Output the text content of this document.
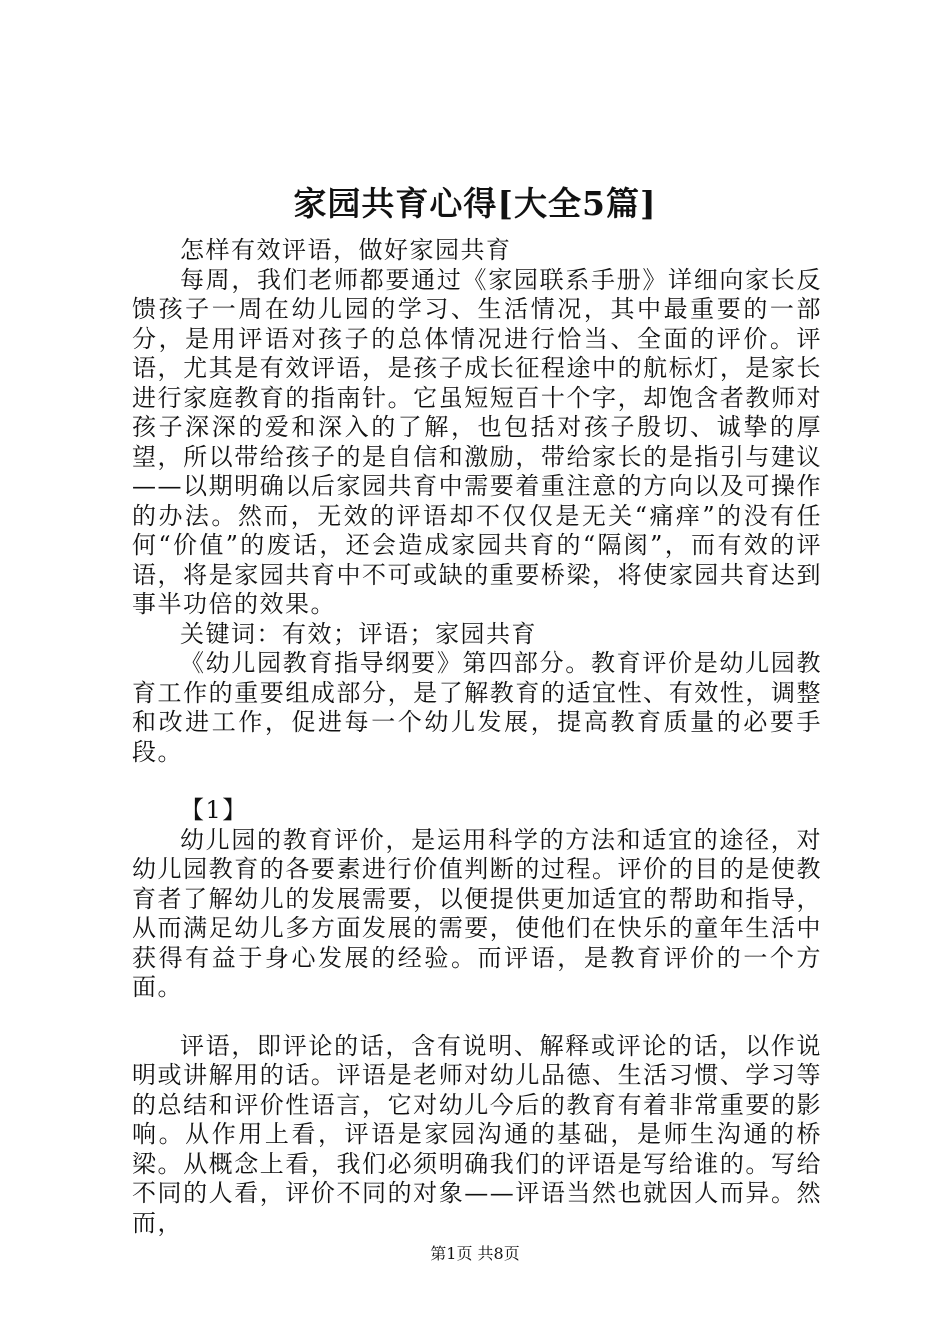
家园共育心得[大全5篇]

怎样有效评语，做好家园共育

每周，我们老师都要通过《家园联系手册》详细向家长反馈孩子一周在幼儿园的学习、生活情况，其中最重要的一部分，是用评语对孩子的总体情况进行恰当、全面的评价。评语，尤其是有效评语，是孩子成长征程途中的航标灯，是家长进行家庭教育的指南针。它虽短短百十个字，却饱含者教师对孩子深深的爱和深入的了解，也包括对孩子殷切、诚挚的厚望，所以带给孩子的是自信和激励，带给家长的是指引与建议——以期明确以后家园共育中需要着重注意的方向以及可操作的办法。然而，无效的评语却不仅仅是无关“痛痒”的没有任何“价值”的废话，还会造成家园共育的“隔阂”，而有效的评语，将是家园共育中不可或缺的重要桥梁，将使家园共育达到事半功倍的效果。

关键词：有效；评语；家园共育

《幼儿园教育指导纲要》第四部分。教育评价是幼儿园教育工作的重要组成部分，是了解教育的适宜性、有效性，调整和改进工作，促进每一个幼儿发展，提高教育质量的必要手段。

【1】

幼儿园的教育评价，是运用科学的方法和适宜的途径，对幼儿园教育的各要素进行价值判断的过程。评价的目的是使教育者了解幼儿的发展需要，以便提供更加适宜的帮助和指导，从而满足幼儿多方面发展的需要，使他们在快乐的童年生活中获得有益于身心发展的经验。而评语，是教育评价的一个方面。

评语，即评论的话，含有说明、解释或评论的话，以作说明或讲解用的话。评语是老师对幼儿品德、生活习惯、学习等的总结和评价性语言，它对幼儿今后的教育有着非常重要的影响。从作用上看，评语是家园沟通的基础，是师生沟通的桥梁。从概念上看，我们必须明确我们的评语是写给谁的。写给不同的人看，评价不同的对象——评语当然也就因人而异。然而，

第1页 共8页
